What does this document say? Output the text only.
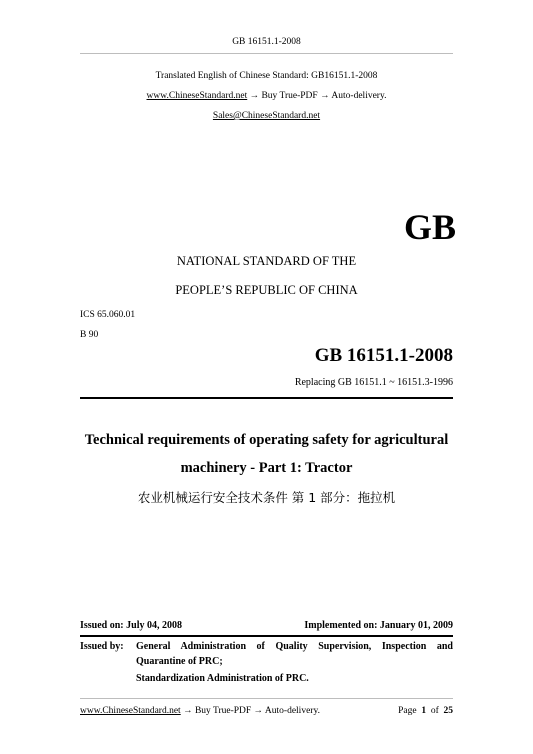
GB 16151.1-2008
Translated English of Chinese Standard: GB16151.1-2008
www.ChineseStandard.net → Buy True-PDF → Auto-delivery.
Sales@ChineseStandard.net
GB
NATIONAL STANDARD OF THE
PEOPLE’S REPUBLIC OF CHINA
ICS 65.060.01
B 90
GB 16151.1-2008
Replacing GB 16151.1 ~ 16151.3-1996
Technical requirements of operating safety for agricultural
machinery - Part 1: Tractor
农业机械运行安全技术条件 第 1 部分：拖拉机
Issued on: July 04, 2008	Implemented on: January 01, 2009
Issued by: General Administration of Quality Supervision, Inspection and
Quarantine of PRC;
Standardization Administration of PRC.
www.ChineseStandard.net → Buy True-PDF → Auto-delivery.	Page 1 of 25
